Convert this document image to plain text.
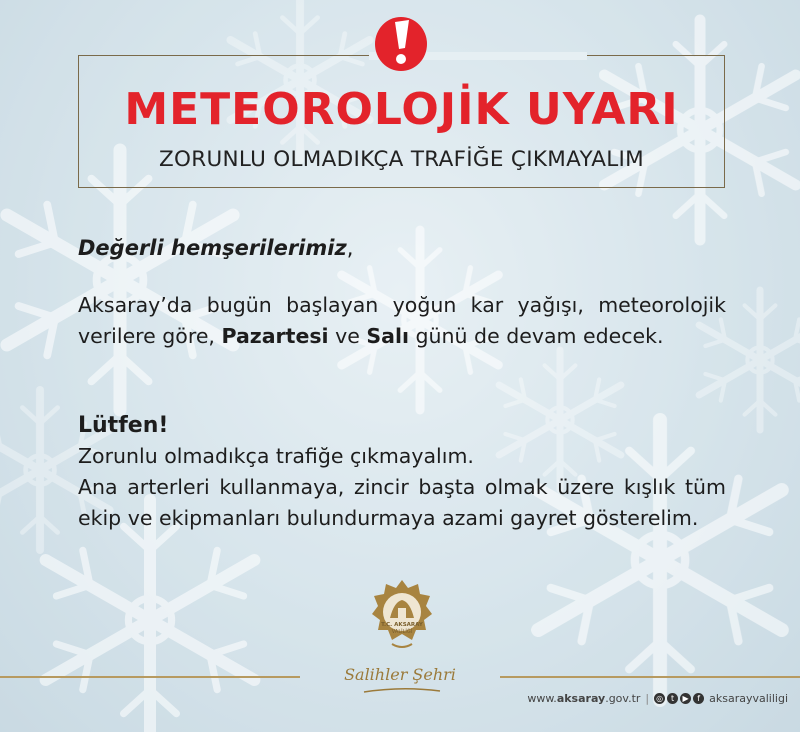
METEOROLOJİK UYARI
ZORUNLU OLMADIKÇA TRAFİĞE ÇIKMAYALIM
Değerli hemşerilerimiz,
Aksaray’da bugün başlayan yoğun kar yağışı, meteorolojik verilere göre, Pazartesi ve Salı günü de devam edecek.
Lütfen!
Zorunlu olmadıkça trafiğe çıkmayalım.
Ana arterleri kullanmaya, zincir başta olmak üzere kışlık tüm ekip ve ekipmanları bulundurmaya azami gayret gösterelim.
T.C. AKSARAY
VALİLİĞİ
Salihler Şehri
www.aksaray.gov.tr | ◎ t	▶	f aksarayvaliligi
